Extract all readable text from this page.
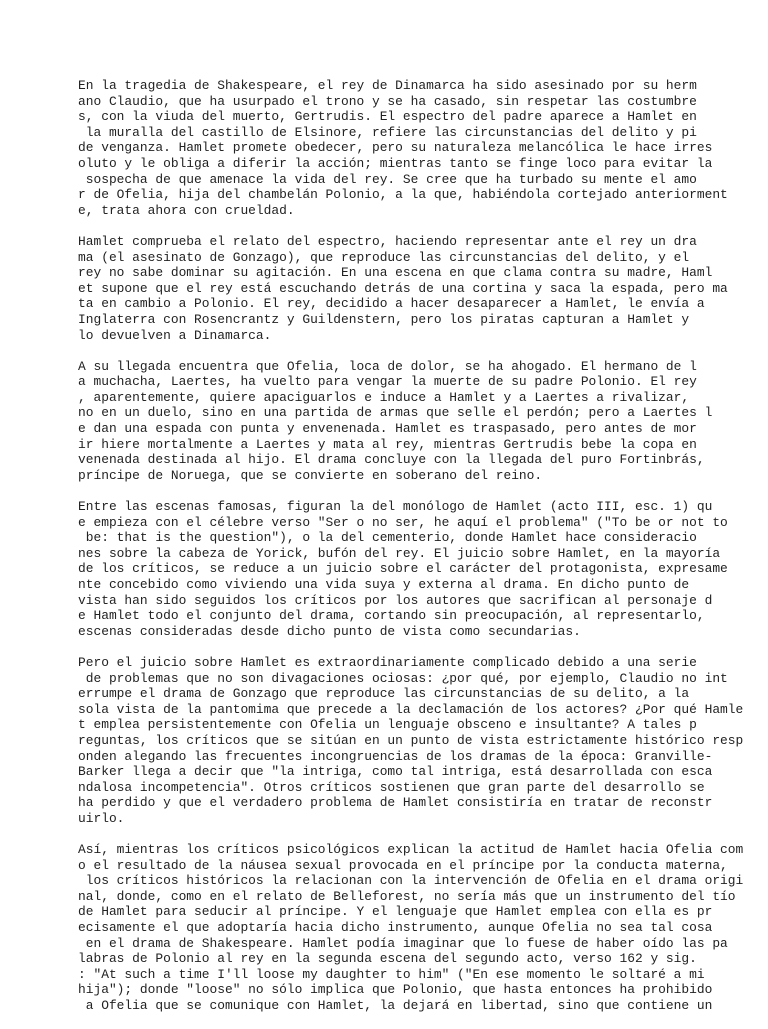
En la tragedia de Shakespeare, el rey de Dinamarca ha sido asesinado por su herm
ano Claudio, que ha usurpado el trono y se ha casado, sin respetar las costumbre
s, con la viuda del muerto, Gertrudis. El espectro del padre aparece a Hamlet en
la muralla del castillo de Elsinore, refiere las circunstancias del delito y pi
de venganza. Hamlet promete obedecer, pero su naturaleza melancólica le hace irres
oluto y le obliga a diferir la acción; mientras tanto se finge loco para evitar la
sospecha de que amenace la vida del rey. Se cree que ha turbado su mente el amo
r de Ofelia, hija del chambelán Polonio, a la que, habiéndola cortejado anteriorment
e, trata ahora con crueldad.
Hamlet comprueba el relato del espectro, haciendo representar ante el rey un dra
ma (el asesinato de Gonzago), que reproduce las circunstancias del delito, y el
rey no sabe dominar su agitación. En una escena en que clama contra su madre, Haml
et supone que el rey está escuchando detrás de una cortina y saca la espada, pero ma
ta en cambio a Polonio. El rey, decidido a hacer desaparecer a Hamlet, le envía a
Inglaterra con Rosencrantz y Guildenstern, pero los piratas capturan a Hamlet y
lo devuelven a Dinamarca.
A su llegada encuentra que Ofelia, loca de dolor, se ha ahogado. El hermano de l
a muchacha, Laertes, ha vuelto para vengar la muerte de su padre Polonio. El rey
, aparentemente, quiere apaciguarlos e induce a Hamlet y a Laertes a rivalizar,
no en un duelo, sino en una partida de armas que selle el perdón; pero a Laertes l
e dan una espada con punta y envenenada. Hamlet es traspasado, pero antes de mor
ir hiere mortalmente a Laertes y mata al rey, mientras Gertrudis bebe la copa en
venenada destinada al hijo. El drama concluye con la llegada del puro Fortinbrás,
príncipe de Noruega, que se convierte en soberano del reino.
Entre las escenas famosas, figuran la del monólogo de Hamlet (acto III, esc. 1) qu
e empieza con el célebre verso "Ser o no ser, he aquí el problema" ("To be or not to
be: that is the question"), o la del cementerio, donde Hamlet hace consideracio
nes sobre la cabeza de Yorick, bufón del rey. El juicio sobre Hamlet, en la mayoría
de los críticos, se reduce a un juicio sobre el carácter del protagonista, expresame
nte concebido como viviendo una vida suya y externa al drama. En dicho punto de
vista han sido seguidos los críticos por los autores que sacrifican al personaje d
e Hamlet todo el conjunto del drama, cortando sin preocupación, al representarlo,
escenas consideradas desde dicho punto de vista como secundarias.
Pero el juicio sobre Hamlet es extraordinariamente complicado debido a una serie
de problemas que no son divagaciones ociosas: ¿por qué, por ejemplo, Claudio no int
errumpe el drama de Gonzago que reproduce las circunstancias de su delito, a la
sola vista de la pantomima que precede a la declamación de los actores? ¿Por qué Hamle
t emplea persistentemente con Ofelia un lenguaje obsceno e insultante? A tales p
reguntas, los críticos que se sitúan en un punto de vista estrictamente histórico resp
onden alegando las frecuentes incongruencias de los dramas de la época: Granville-
Barker llega a decir que "la intriga, como tal intriga, está desarrollada con esca
ndalosa incompetencia". Otros críticos sostienen que gran parte del desarrollo se
ha perdido y que el verdadero problema de Hamlet consistiría en tratar de reconstr
uirlo.
Así, mientras los críticos psicológicos explican la actitud de Hamlet hacia Ofelia com
o el resultado de la náusea sexual provocada en el príncipe por la conducta materna,
los críticos históricos la relacionan con la intervención de Ofelia en el drama origi
nal, donde, como en el relato de Belleforest, no sería más que un instrumento del tío
de Hamlet para seducir al príncipe. Y el lenguaje que Hamlet emplea con ella es pr
ecisamente el que adoptaría hacia dicho instrumento, aunque Ofelia no sea tal cosa
en el drama de Shakespeare. Hamlet podía imaginar que lo fuese de haber oído las pa
labras de Polonio al rey en la segunda escena del segundo acto, verso 162 y sig.
: "At such a time I'll loose my daughter to him" ("En ese momento le soltaré a mi
hija"); donde "loose" no sólo implica que Polonio, que hasta entonces ha prohibido
a Ofelia que se comunique con Hamlet, la dejará en libertad, sino que contiene un
